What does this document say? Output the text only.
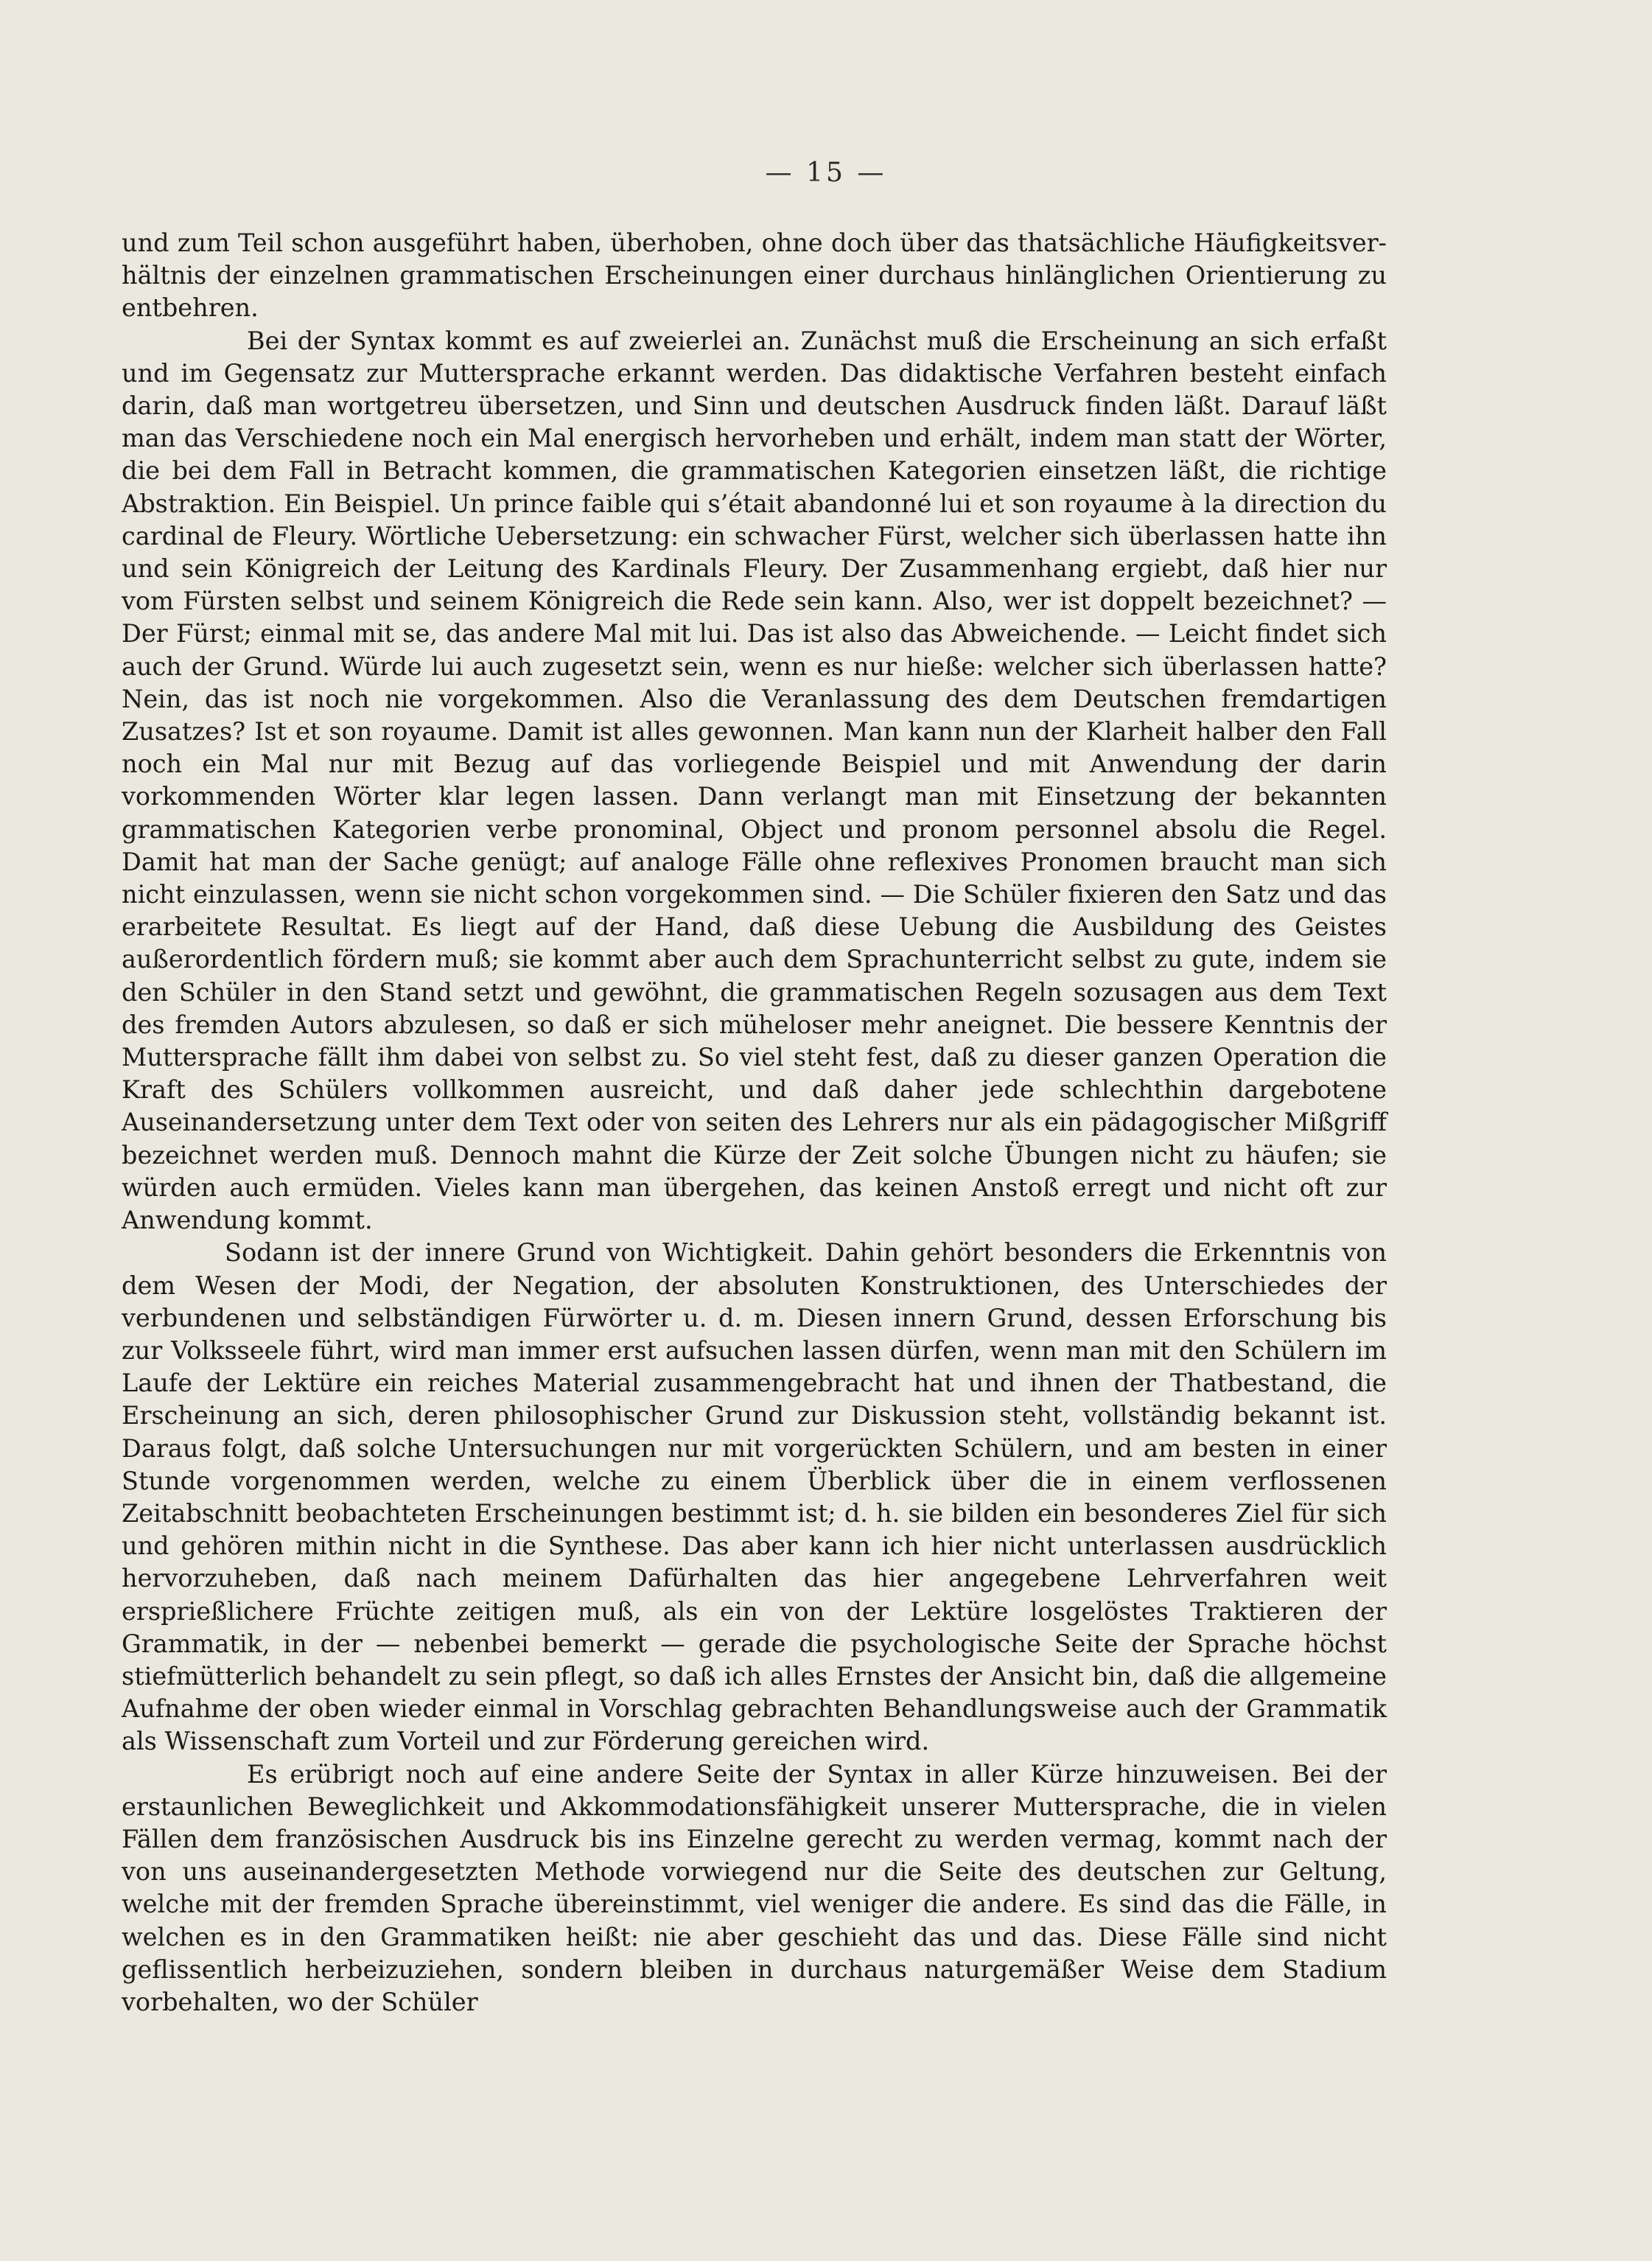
— 15 —

und zum Teil schon ausgeführt haben, überhoben, ohne doch über das thatsächliche Häufigkeitsverhältnis der einzelnen grammatischen Erscheinungen einer durchaus hinlänglichen Orientierung zu entbehren.

Bei der Syntax kommt es auf zweierlei an. Zunächst muß die Erscheinung an sich erfaßt und im Gegensatz zur Muttersprache erkannt werden. Das didaktische Verfahren besteht einfach darin, daß man wortgetreu übersetzen, und Sinn und deutschen Ausdruck finden läßt. Darauf läßt man das Verschiedene noch ein Mal energisch hervorheben und erhält, indem man statt der Wörter, die bei dem Fall in Betracht kommen, die grammatischen Kategorien einsetzen läßt, die richtige Abstraktion. Ein Beispiel. Un prince faible qui s’était abandonné lui et son royaume à la direction du cardinal de Fleury. Wörtliche Uebersetzung: ein schwacher Fürst, welcher sich überlassen hatte ihn und sein Königreich der Leitung des Kardinals Fleury. Der Zusammenhang ergiebt, daß hier nur vom Fürsten selbst und seinem Königreich die Rede sein kann. Also, wer ist doppelt bezeichnet? — Der Fürst; einmal mit se, das andere Mal mit lui. Das ist also das Abweichende. — Leicht findet sich auch der Grund. Würde lui auch zugesetzt sein, wenn es nur hieße: welcher sich überlassen hatte? Nein, das ist noch nie vorgekommen. Also die Veranlassung des dem Deutschen fremdartigen Zusatzes? Ist et son royaume. Damit ist alles gewonnen. Man kann nun der Klarheit halber den Fall noch ein Mal nur mit Bezug auf das vorliegende Beispiel und mit Anwendung der darin vorkommenden Wörter klar legen lassen. Dann verlangt man mit Einsetzung der bekannten grammatischen Kategorien verbe pronominal, Object und pronom personnel absolu die Regel. Damit hat man der Sache genügt; auf analoge Fälle ohne reflexives Pronomen braucht man sich nicht einzulassen, wenn sie nicht schon vorgekommen sind. — Die Schüler fixieren den Satz und das erarbeitete Resultat. Es liegt auf der Hand, daß diese Uebung die Ausbildung des Geistes außerordentlich fördern muß; sie kommt aber auch dem Sprachunterricht selbst zu gute, indem sie den Schüler in den Stand setzt und gewöhnt, die grammatischen Regeln sozusagen aus dem Text des fremden Autors abzulesen, so daß er sich müheloser mehr aneignet. Die bessere Kenntnis der Muttersprache fällt ihm dabei von selbst zu. So viel steht fest, daß zu dieser ganzen Operation die Kraft des Schülers vollkommen ausreicht, und daß daher jede schlechthin dargebotene Auseinandersetzung unter dem Text oder von seiten des Lehrers nur als ein pädagogischer Mißgriff bezeichnet werden muß. Dennoch mahnt die Kürze der Zeit solche Übungen nicht zu häufen; sie würden auch ermüden. Vieles kann man übergehen, das keinen Anstoß erregt und nicht oft zur Anwendung kommt.

Sodann ist der innere Grund von Wichtigkeit. Dahin gehört besonders die Erkenntnis von dem Wesen der Modi, der Negation, der absoluten Konstruktionen, des Unterschiedes der verbundenen und selbständigen Fürwörter u. d. m. Diesen innern Grund, dessen Erforschung bis zur Volksseele führt, wird man immer erst aufsuchen lassen dürfen, wenn man mit den Schülern im Laufe der Lektüre ein reiches Material zusammengebracht hat und ihnen der Thatbestand, die Erscheinung an sich, deren philosophischer Grund zur Diskussion steht, vollständig bekannt ist. Daraus folgt, daß solche Untersuchungen nur mit vorgerückten Schülern, und am besten in einer Stunde vorgenommen werden, welche zu einem Überblick über die in einem verflossenen Zeitabschnitt beobachteten Erscheinungen bestimmt ist; d. h. sie bilden ein besonderes Ziel für sich und gehören mithin nicht in die Synthese. Das aber kann ich hier nicht unterlassen ausdrücklich hervorzuheben, daß nach meinem Dafürhalten das hier angegebene Lehrverfahren weit ersprießlichere Früchte zeitigen muß, als ein von der Lektüre losgelöstes Traktieren der Grammatik, in der — nebenbei bemerkt — gerade die psychologische Seite der Sprache höchst stiefmütterlich behandelt zu sein pflegt, so daß ich alles Ernstes der Ansicht bin, daß die allgemeine Aufnahme der oben wieder einmal in Vorschlag gebrachten Behandlungsweise auch der Grammatik als Wissenschaft zum Vorteil und zur Förderung gereichen wird.

Es erübrigt noch auf eine andere Seite der Syntax in aller Kürze hinzuweisen. Bei der erstaunlichen Beweglichkeit und Akkommodationsfähigkeit unserer Muttersprache, die in vielen Fällen dem französischen Ausdruck bis ins Einzelne gerecht zu werden vermag, kommt nach der von uns auseinandergesetzten Methode vorwiegend nur die Seite des deutschen zur Geltung, welche mit der fremden Sprache übereinstimmt, viel weniger die andere. Es sind das die Fälle, in welchen es in den Grammatiken heißt: nie aber geschieht das und das. Diese Fälle sind nicht geflissentlich herbeizuziehen, sondern bleiben in durchaus naturgemäßer Weise dem Stadium vorbehalten, wo der Schüler
